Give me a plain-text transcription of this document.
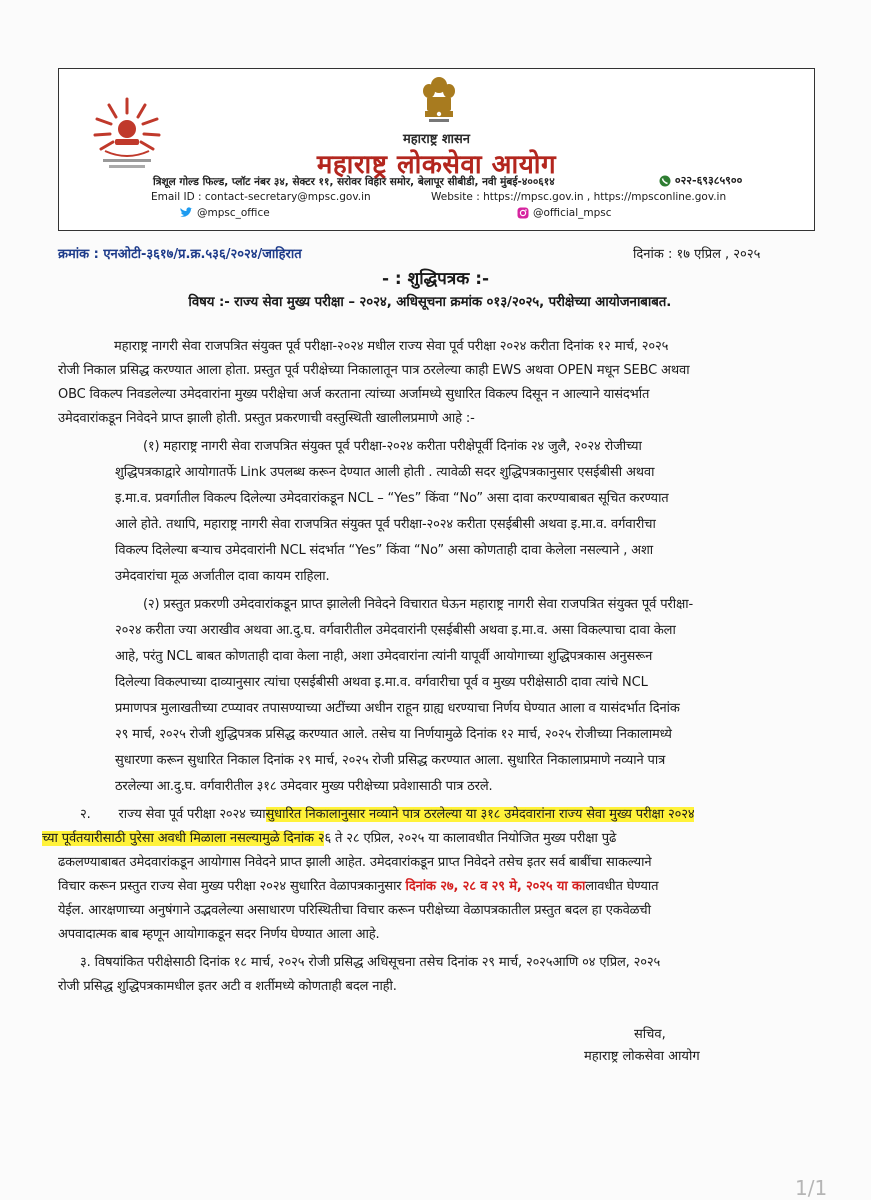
महाराष्ट्र शासन
महाराष्ट्र लोकसेवा आयोग
त्रिशूल गोल्ड फिल्ड, प्लॉट नंबर ३४, सेक्टर ११, सरोवर विहार समोर, बेलापूर सीबीडी, नवी मुंबई-४००६१४	०२२-६९३८५९००
Email ID : contact-secretary@mpsc.gov.in	Website : https://mpsc.gov.in , https://mpsconline.gov.in
@mpsc_office	@official_mpsc
क्रमांक : एनओटी-३६१७/प्र.क्र.५३६/२०२४/जाहिरात	दिनांक : १७ एप्रिल , २०२५
- : शुद्धिपत्रक :-
विषय :- राज्य सेवा मुख्य परीक्षा – २०२४, अधिसूचना क्रमांक ०१३/२०२५, परीक्षेच्या आयोजनाबाबत.
महाराष्ट्र नागरी सेवा राजपत्रित संयुक्त पूर्व परीक्षा-२०२४ मधील राज्य सेवा पूर्व परीक्षा २०२४ करीता दिनांक १२ मार्च, २०२५
रोजी निकाल प्रसिद्ध करण्यात आला होता. प्रस्तुत पूर्व परीक्षेच्या निकालातून पात्र ठरलेल्या काही EWS अथवा OPEN मधून SEBC अथवा
OBC विकल्प निवडलेल्या उमेदवारांना मुख्य परीक्षेचा अर्ज करताना त्यांच्या अर्जामध्ये सुधारित विकल्प दिसून न आल्याने यासंदर्भात
उमेदवारांकडून निवेदने प्राप्त झाली होती. प्रस्तुत प्रकरणाची वस्तुस्थिती खालीलप्रमाणे आहे :-
(१) महाराष्ट्र नागरी सेवा राजपत्रित संयुक्त पूर्व परीक्षा-२०२४ करीता परीक्षेपूर्वी दिनांक २४ जुलै, २०२४ रोजीच्या
शुद्धिपत्रकाद्वारे आयोगातर्फे Link उपलब्ध करून देण्यात आली होती . त्यावेळी सदर शुद्धिपत्रकानुसार एसईबीसी अथवा
इ.मा.व. प्रवर्गातील विकल्प दिलेल्या उमेदवारांकडून NCL – “Yes” किंवा “No” असा दावा करण्याबाबत सूचित करण्यात
आले होते. तथापि, महाराष्ट्र नागरी सेवा राजपत्रित संयुक्त पूर्व परीक्षा-२०२४ करीता एसईबीसी अथवा इ.मा.व. वर्गवारीचा
विकल्प दिलेल्या बऱ्याच उमेदवारांनी NCL संदर्भात “Yes” किंवा “No” असा कोणताही दावा केलेला नसल्याने , अशा
उमेदवारांचा मूळ अर्जातील दावा कायम राहिला.
(२) प्रस्तुत प्रकरणी उमेदवारांकडून प्राप्त झालेली निवेदने विचारात घेऊन महाराष्ट्र नागरी सेवा राजपत्रित संयुक्त पूर्व परीक्षा-
२०२४ करीता ज्या अराखीव अथवा आ.दु.घ. वर्गवारीतील उमेदवारांनी एसईबीसी अथवा इ.मा.व. असा विकल्पाचा दावा केला
आहे, परंतु NCL बाबत कोणताही दावा केला नाही, अशा उमेदवारांना त्यांनी यापूर्वी आयोगाच्या शुद्धिपत्रकास अनुसरून
दिलेल्या विकल्पाच्या दाव्यानुसार त्यांचा एसईबीसी अथवा इ.मा.व. वर्गवारीचा पूर्व व मुख्य परीक्षेसाठी दावा त्यांचे NCL
प्रमाणपत्र मुलाखतीच्या टप्प्यावर तपासण्याच्या अटींच्या अधीन राहून ग्राह्य धरण्याचा निर्णय घेण्यात आला व यासंदर्भात दिनांक
२९ मार्च, २०२५ रोजी शुद्धिपत्रक प्रसिद्ध करण्यात आले. तसेच या निर्णयामुळे दिनांक १२ मार्च, २०२५ रोजीच्या निकालामध्ये
सुधारणा करून सुधारित निकाल दिनांक २९ मार्च, २०२५ रोजी प्रसिद्ध करण्यात आला. सुधारित निकालाप्रमाणे नव्याने पात्र
ठरलेल्या आ.दु.घ. वर्गवारीतील ३१८ उमेदवार मुख्य परीक्षेच्या प्रवेशासाठी पात्र ठरले.
२. राज्य सेवा पूर्व परीक्षा २०२४ च्यासुधारित निकालानुसार नव्याने पात्र ठरलेल्या या ३१८ उमेदवारांना राज्य सेवा मुख्य परीक्षा २०२४
च्या पूर्वतयारीसाठी पुरेसा अवधी मिळाला नसल्यामुळे दिनांक २६ ते २८ एप्रिल, २०२५ या कालावधीत नियोजित मुख्य परीक्षा पुढे
ढकलण्याबाबत उमेदवारांकडून आयोगास निवेदने प्राप्त झाली आहेत. उमेदवारांकडून प्राप्त निवेदने तसेच इतर सर्व बाबींचा साकल्याने
विचार करून प्रस्तुत राज्य सेवा मुख्य परीक्षा २०२४ सुधारित वेळापत्रकानुसार दिनांक २७, २८ व २९ मे, २०२५ या कालावधीत घेण्यात
येईल. आरक्षणाच्या अनुषंगाने उद्भवलेल्या असाधारण परिस्थितीचा विचार करून परीक्षेच्या वेळापत्रकातील प्रस्तुत बदल हा एकवेळची
अपवादात्मक बाब म्हणून आयोगाकडून सदर निर्णय घेण्यात आला आहे.
३. विषयांकित परीक्षेसाठी दिनांक १८ मार्च, २०२५ रोजी प्रसिद्ध अधिसूचना तसेच दिनांक २९ मार्च, २०२५आणि ०४ एप्रिल, २०२५
रोजी प्रसिद्ध शुद्धिपत्रकामधील इतर अटी व शर्तीमध्ये कोणताही बदल नाही.
सचिव,
महाराष्ट्र लोकसेवा आयोग
1/1
